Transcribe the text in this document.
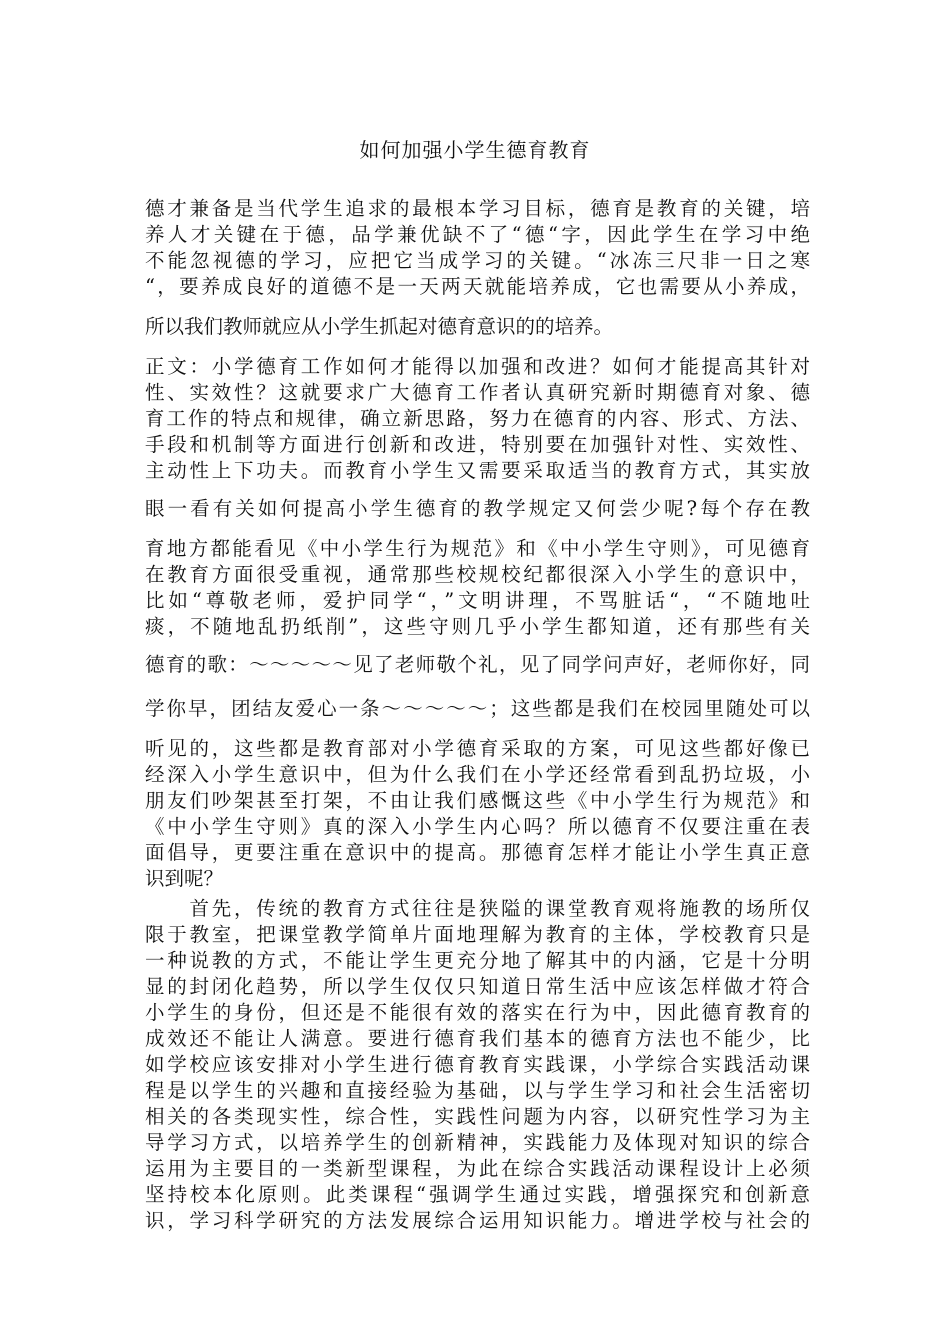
如何加强小学生德育教育
德才兼备是当代学生追求的最根本学习目标，德育是教育的关键，培
养人才关键在于德，品学兼优缺不了“德“字，因此学生在学习中绝
不能忽视德的学习，应把它当成学习的关键。“冰冻三尺非一日之寒
“，要养成良好的道德不是一天两天就能培养成，它也需要从小养成，
所以我们教师就应从小学生抓起对德育意识的的培养。
正文：小学德育工作如何才能得以加强和改进？如何才能提高其针对
性、实效性？这就要求广大德育工作者认真研究新时期德育对象、德
育工作的特点和规律，确立新思路，努力在德育的内容、形式、方法、
手段和机制等方面进行创新和改进，特别要在加强针对性、实效性、
主动性上下功夫。而教育小学生又需要采取适当的教育方式，其实放
眼一看有关如何提高小学生德育的教学规定又何尝少呢?每个存在教
育地方都能看见《中小学生行为规范》和《中小学生守则》，可见德育
在教育方面很受重视，通常那些校规校纪都很深入小学生的意识中，
比如“尊敬老师，爱护同学“，”文明讲理，不骂脏话“，“不随地吐
痰，不随地乱扔纸削”，这些守则几乎小学生都知道，还有那些有关
德育的歌：～～～～～见了老师敬个礼，见了同学问声好，老师你好，同
学你早，团结友爱心一条～～～～～；这些都是我们在校园里随处可以
听见的，这些都是教育部对小学德育采取的方案，可见这些都好像已
经深入小学生意识中，但为什么我们在小学还经常看到乱扔垃圾，小
朋友们吵架甚至打架，不由让我们感慨这些《中小学生行为规范》和
《中小学生守则》真的深入小学生内心吗？所以德育不仅要注重在表
面倡导，更要注重在意识中的提高。那德育怎样才能让小学生真正意
识到呢？
　　首先，传统的教育方式往往是狭隘的课堂教育观将施教的场所仅
限于教室，把课堂教学简单片面地理解为教育的主体，学校教育只是
一种说教的方式，不能让学生更充分地了解其中的内涵，它是十分明
显的封闭化趋势，所以学生仅仅只知道日常生活中应该怎样做才符合
小学生的身份，但还是不能很有效的落实在行为中，因此德育教育的
成效还不能让人满意。要进行德育我们基本的德育方法也不能少，比
如学校应该安排对小学生进行德育教育实践课，小学综合实践活动课
程是以学生的兴趣和直接经验为基础，以与学生学习和社会生活密切
相关的各类现实性，综合性，实践性问题为内容，以研究性学习为主
导学习方式，以培养学生的创新精神，实践能力及体现对知识的综合
运用为主要目的一类新型课程，为此在综合实践活动课程设计上必须
坚持校本化原则。此类课程“强调学生通过实践，增强探究和创新意
识，学习科学研究的方法发展综合运用知识能力。增进学校与社会的
